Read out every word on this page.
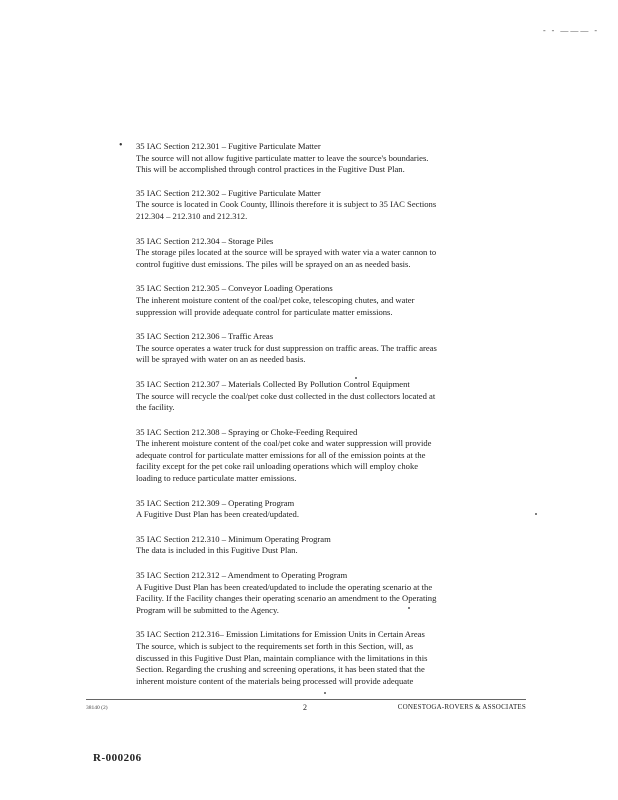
- - ——— -
• 35 IAC Section 212.301 – Fugitive Particulate Matter
The source will not allow fugitive particulate matter to leave the source's boundaries.
This will be accomplished through control practices in the Fugitive Dust Plan.
35 IAC Section 212.302 – Fugitive Particulate Matter
The source is located in Cook County, Illinois therefore it is subject to 35 IAC Sections
212.304 – 212.310 and 212.312.
35 IAC Section 212.304 – Storage Piles
The storage piles located at the source will be sprayed with water via a water cannon to
control fugitive dust emissions. The piles will be sprayed on an as needed basis.
35 IAC Section 212.305 – Conveyor Loading Operations
The inherent moisture content of the coal/pet coke, telescoping chutes, and water
suppression will provide adequate control for particulate matter emissions.
35 IAC Section 212.306 – Traffic Areas
The source operates a water truck for dust suppression on traffic areas. The traffic areas
will be sprayed with water on an as needed basis.
35 IAC Section 212.307 – Materials Collected By Pollution Control Equipment
The source will recycle the coal/pet coke dust collected in the dust collectors located at
the facility.
35 IAC Section 212.308 – Spraying or Choke-Feeding Required
The inherent moisture content of the coal/pet coke and water suppression will provide
adequate control for particulate matter emissions for all of the emission points at the
facility except for the pet coke rail unloading operations which will employ choke
loading to reduce particulate matter emissions.
35 IAC Section 212.309 – Operating Program
A Fugitive Dust Plan has been created/updated.
35 IAC Section 212.310 – Minimum Operating Program
The data is included in this Fugitive Dust Plan.
35 IAC Section 212.312 – Amendment to Operating Program
A Fugitive Dust Plan has been created/updated to include the operating scenario at the
Facility. If the Facility changes their operating scenario an amendment to the Operating
Program will be submitted to the Agency.
35 IAC Section 212.316– Emission Limitations for Emission Units in Certain Areas
The source, which is subject to the requirements set forth in this Section, will, as
discussed in this Fugitive Dust Plan, maintain compliance with the limitations in this
Section. Regarding the crushing and screening operations, it has been stated that the
inherent moisture content of the materials being processed will provide adequate
38140 (2)	2	CONESTOGA-ROVERS & ASSOCIATES
R-000206
